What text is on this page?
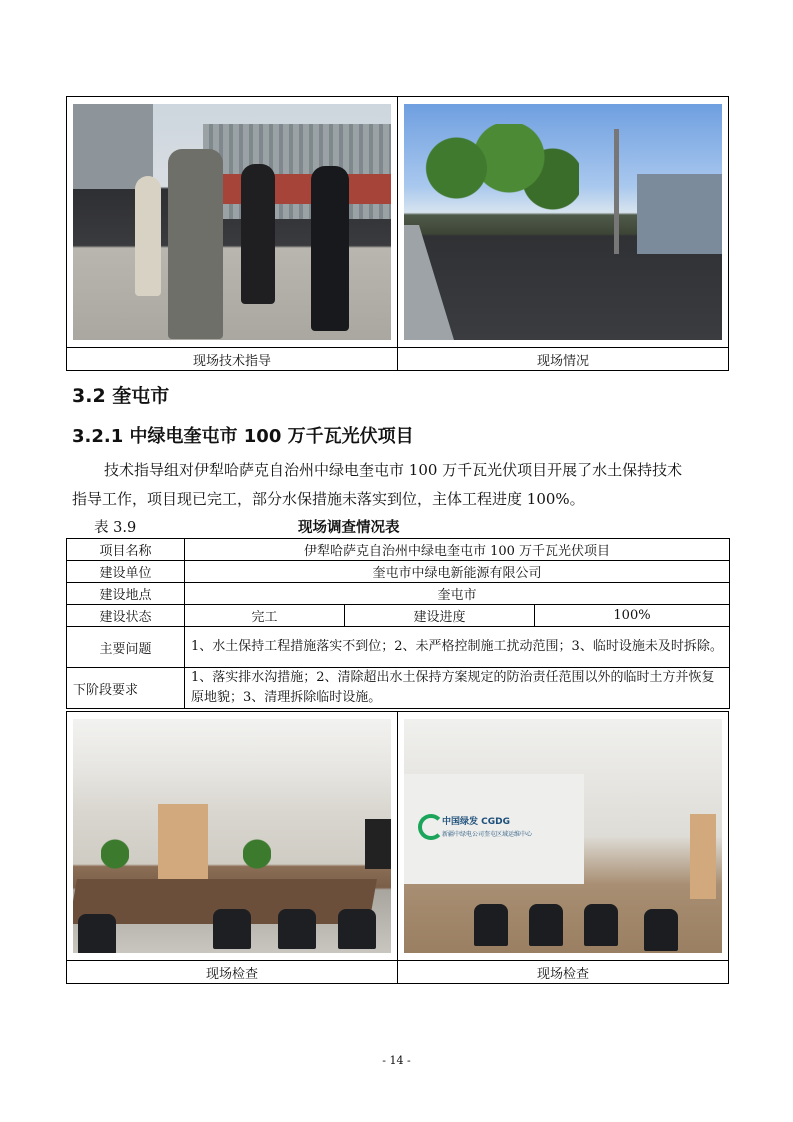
现场技术指导	现场情况
3.2 奎屯市
3.2.1 中绿电奎屯市 100 万千瓦光伏项目
技术指导组对伊犁哈萨克自治州中绿电奎屯市 100 万千瓦光伏项目开展了水土保持技术
指导工作，项目现已完工，部分水保措施未落实到位，主体工程进度 100%。
表 3.9	现场调查情况表
项目名称	伊犁哈萨克自治州中绿电奎屯市 100 万千瓦光伏项目		
建设单位	奎屯市中绿电新能源有限公司		
建设地点	奎屯市		
建设状态	完工	建设进度	100%
主要问题	1、水土保持工程措施落实不到位；2、未严格控制施工扰动范围；3、临时设施未及时拆除。		
下阶段要求	1、落实排水沟措施；2、清除超出水土保持方案规定的防治责任范围以外的临时土方并恢复原地貌；3、清理拆除临时设施。		

	中国绿发 CGDG
新疆中绿电公司奎屯区域运维中心

现场检查	现场检查
- 14 -
